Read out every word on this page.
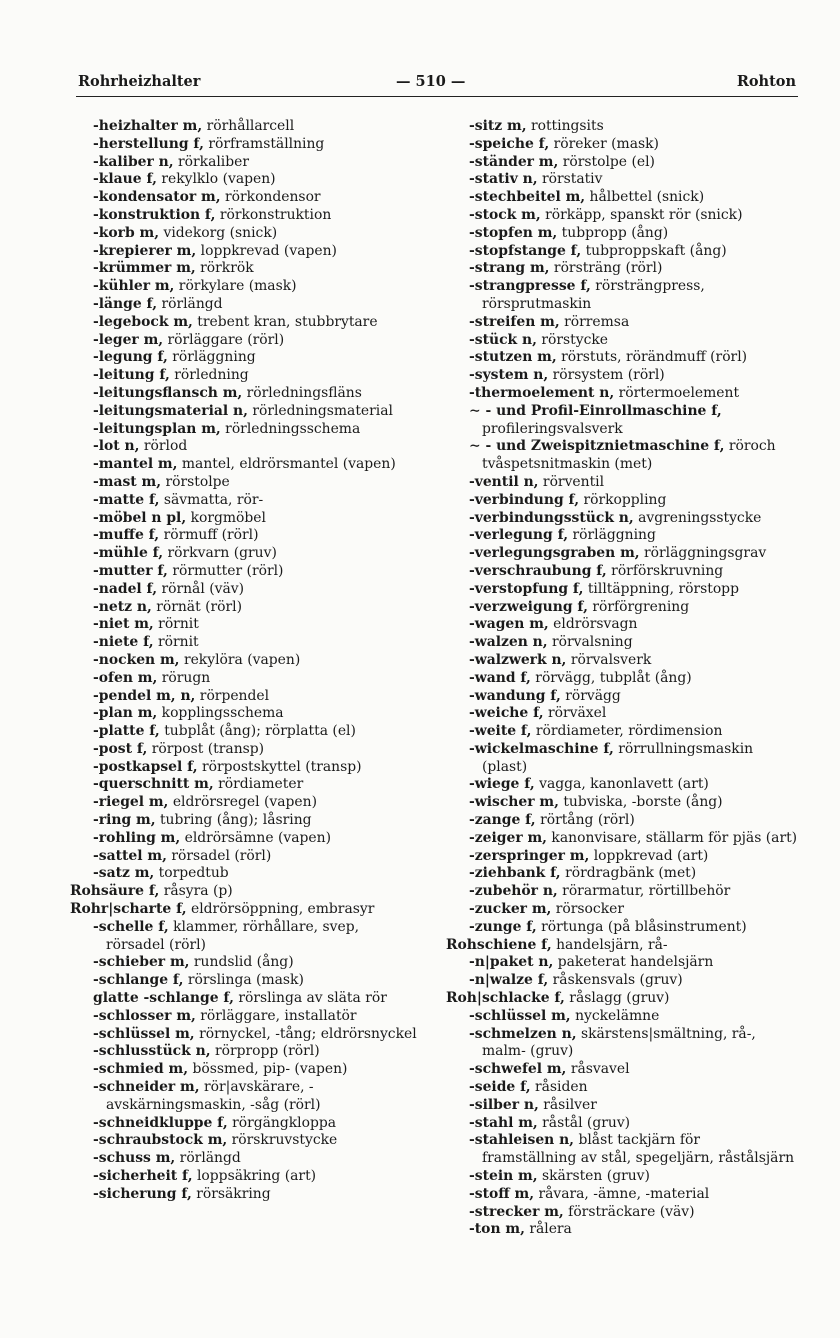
Rohrheizhalter	— 510 —	Rohton
-heizhalter m, rörhållarcell
-herstellung f, rörframställning
-kaliber n, rörkaliber
-klaue f, rekylklo (vapen)
-kondensator m, rörkondensor
-konstruktion f, rörkonstruktion
-korb m, videkorg (snick)
-krepierer m, loppkrevad (vapen)
-krümmer m, rörkrök
-kühler m, rörkylare (mask)
-länge f, rörlängd
-legebock m, trebent kran, stubbrytare
-leger m, rörläggare (rörl)
-legung f, rörläggning
-leitung f, rörledning
-leitungsflansch m, rörledningsfläns
-leitungsmaterial n, rörledningsmaterial
-leitungsplan m, rörledningsschema
-lot n, rörlod
-mantel m, mantel, eldrörsmantel (vapen)
-mast m, rörstolpe
-matte f, sävmatta, rör-
-möbel n pl, korgmöbel
-muffe f, rörmuff (rörl)
-mühle f, rörkvarn (gruv)
-mutter f, rörmutter (rörl)
-nadel f, rörnål (väv)
-netz n, rörnät (rörl)
-niet m, rörnit
-niete f, rörnit
-nocken m, rekylöra (vapen)
-ofen m, rörugn
-pendel m, n, rörpendel
-plan m, kopplingsschema
-platte f, tubplåt (ång); rörplatta (el)
-post f, rörpost (transp)
-postkapsel f, rörpostskyttel (transp)
-querschnitt m, rördiameter
-riegel m, eldrörsregel (vapen)
-ring m, tubring (ång); låsring
-rohling m, eldrörsämne (vapen)
-sattel m, rörsadel (rörl)
-satz m, torpedtub
Rohsäure f, råsyra (p)
Rohr|scharte f, eldrörsöppning, embrasyr
-schelle f, klammer, rörhållare, svep, rörsadel (rörl)
-schieber m, rundslid (ång)
-schlange f, rörslinga (mask)
glatte -schlange f, rörslinga av släta rör
-schlosser m, rörläggare, installatör
-schlüssel m, rörnyckel, -tång; eldrörsnyckel
-schlusstück n, rörpropp (rörl)
-schmied m, bössmed, pip- (vapen)
-schneider m, rör|avskärare, -avskärningsmaskin, -såg (rörl)
-schneidkluppe f, rörgängkloppa
-schraubstock m, rörskruvstycke
-schuss m, rörlängd
-sicherheit f, loppsäkring (art)
-sicherung f, rörsäkring
-sitz m, rottingsits
-speiche f, röreker (mask)
-ständer m, rörstolpe (el)
-stativ n, rörstativ
-stechbeitel m, hålbettel (snick)
-stock m, rörkäpp, spanskt rör (snick)
-stopfen m, tubpropp (ång)
-stopfstange f, tubproppskaft (ång)
-strang m, rörsträng (rörl)
-strangpresse f, rörsträngpress, rörsprutmaskin
-streifen m, rörremsa
-stück n, rörstycke
-stutzen m, rörstuts, rörändmuff (rörl)
-system n, rörsystem (rörl)
-thermoelement n, rörtermoelement
∼ - und Profil-Einrollmaschine f, profileringsvalsverk
∼ - und Zweispitznietmaschine f, röroch tvåspetsnitmaskin (met)
-ventil n, rörventil
-verbindung f, rörkoppling
-verbindungsstück n, avgreningsstycke
-verlegung f, rörläggning
-verlegungsgraben m, rörläggningsgrav
-verschraubung f, rörförskruvning
-verstopfung f, tilltäppning, rörstopp
-verzweigung f, rörförgrening
-wagen m, eldrörsvagn
-walzen n, rörvalsning
-walzwerk n, rörvalsverk
-wand f, rörvägg, tubplåt (ång)
-wandung f, rörvägg
-weiche f, rörväxel
-weite f, rördiameter, rördimension
-wickelmaschine f, rörrullningsmaskin (plast)
-wiege f, vagga, kanonlavett (art)
-wischer m, tubviska, -borste (ång)
-zange f, rörtång (rörl)
-zeiger m, kanonvisare, ställarm för pjäs (art)
-zerspringer m, loppkrevad (art)
-ziehbank f, rördragbänk (met)
-zubehör n, rörarmatur, rörtillbehör
-zucker m, rörsocker
-zunge f, rörtunga (på blåsinstrument)
Rohschiene f, handelsjärn, rå-
-n|paket n, paketerat handelsjärn
-n|walze f, råskensvals (gruv)
Roh|schlacke f, råslagg (gruv)
-schlüssel m, nyckelämne
-schmelzen n, skärstens|smältning, rå-, malm- (gruv)
-schwefel m, råsvavel
-seide f, råsiden
-silber n, råsilver
-stahl m, råstål (gruv)
-stahleisen n, blåst tackjärn för framställning av stål, spegeljärn, råstålsjärn
-stein m, skärsten (gruv)
-stoff m, råvara, -ämne, -material
-strecker m, försträckare (väv)
-ton m, rålera
